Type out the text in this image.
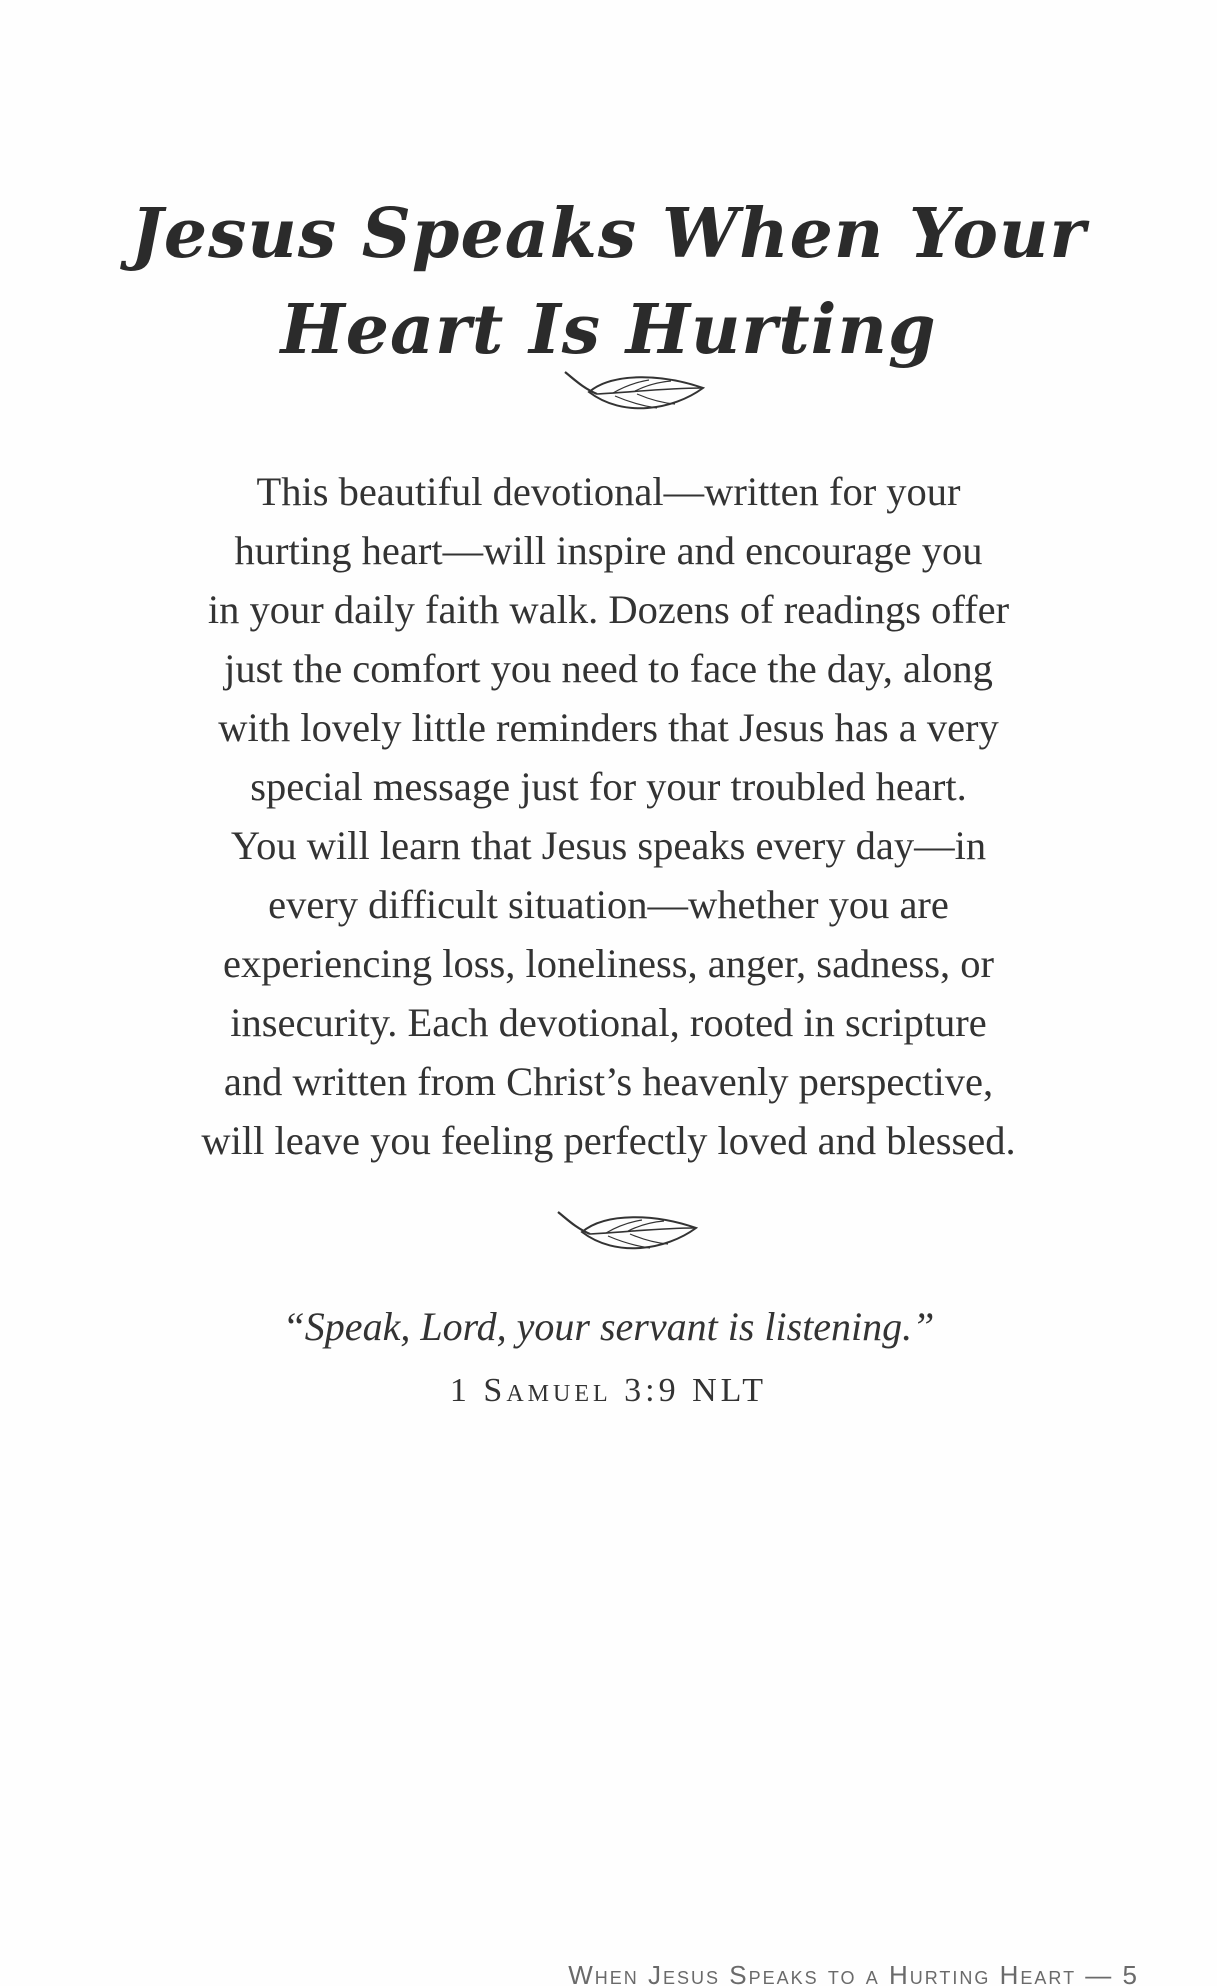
Jesus Speaks When Your
Heart Is Hurting
This beautiful devotional—written for your
hurting heart—will inspire and encourage you
in your daily faith walk. Dozens of readings offer
just the comfort you need to face the day, along
with lovely little reminders that Jesus has a very
special message just for your troubled heart.
You will learn that Jesus speaks every day—in
every difficult situation—whether you are
experiencing loss, loneliness, anger, sadness, or
insecurity. Each devotional, rooted in scripture
and written from Christ’s heavenly perspective,
will leave you feeling perfectly loved and blessed.
“Speak, Lord, your servant is listening.”
1 Samuel 3:9 NLT
When Jesus Speaks to a Hurting Heart — 5
